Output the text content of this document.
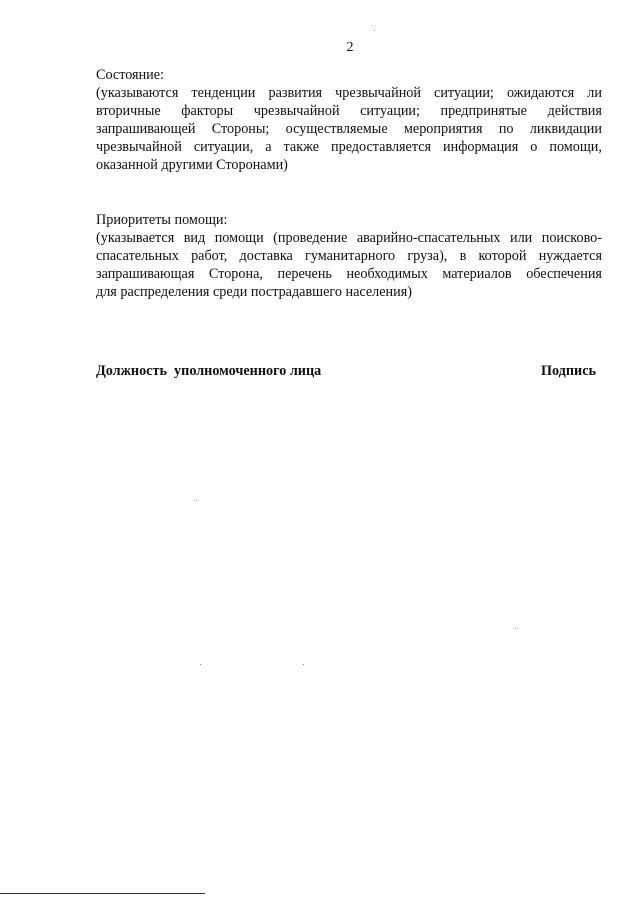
2
Состояние:
(указываются тенденции развития чрезвычайной ситуации; ожидаются ли
вторичные факторы чрезвычайной ситуации; предпринятые действия
запрашивающей Стороны; осуществляемые мероприятия по ликвидации
чрезвычайной ситуации, а также предоставляется информация о помощи,
оказанной другими Сторонами)
Приоритеты помощи:
(указывается вид помощи (проведение аварийно-спасательных или поисково-
спасательных работ, доставка гуманитарного груза), в которой нуждается
запрашивающая Сторона, перечень необходимых материалов обеспечения
для распределения среди пострадавшего населения)
Должность  уполномоченного лица	Подпись
